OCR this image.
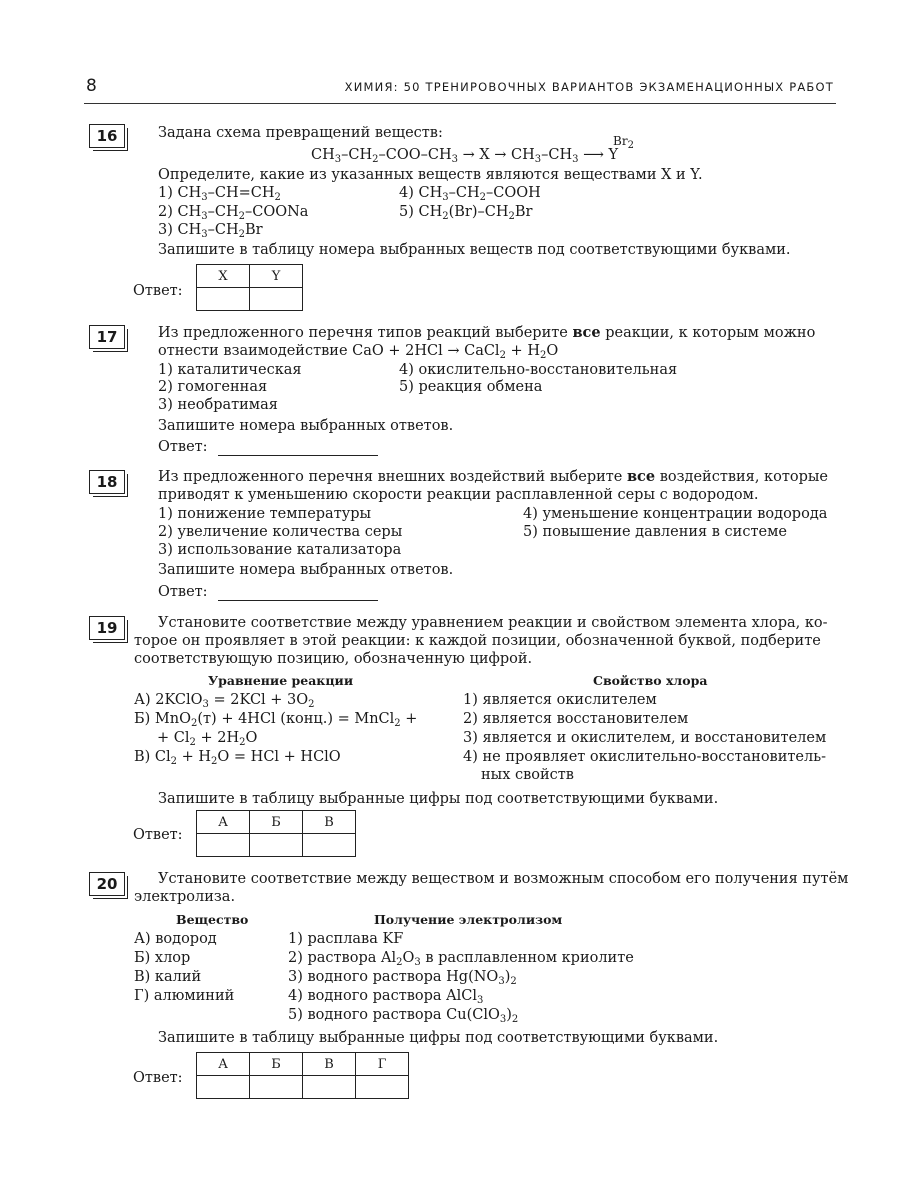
8	ХИМИЯ: 50 ТРЕНИРОВОЧНЫХ ВАРИАНТОВ ЭКЗАМЕНАЦИОННЫХ РАБОТ
16	Задана схема превращений веществ:	$Br_2$
$CH_3-CH_2-COO-CH_3 \to X \to CH_3-CH_3$ ⟶ Y
Определите, какие из указанных веществ являются веществами X и Y.
1) $CH_3-CH=CH_2$
2) $CH_3-CH_2$–COONa
3) $CH_3-CH_2Br$
4) $CH_3-CH_2$–COOH
5) $CH_2(Br)-CH_2Br$
Запишите в таблицу номера выбранных веществ под соответствующими буквами.
Ответ:
X	Y

17	Из предложенного перечня типов реакций выберите все реакции, к которым можно
отнести взаимодействие CaO + 2HCl → CaCl$_2$ + $H_2O$
1) каталитическая
2) гомогенная
3) необратимая
4) окислительно-восстановительная
5) реакция обмена
Запишите номера выбранных ответов.
Ответ:
18	Из предложенного перечня внешних воздействий выберите все воздействия, которые
приводят к уменьшению скорости реакции расплавленной серы с водородом.
1) понижение температуры
2) увеличение количества серы
3) использование катализатора
4) уменьшение концентрации водорода
5) повышение давления в системе
Запишите номера выбранных ответов.
Ответ:
19	Установите соответствие между уравнением реакции и свойством элемента хлора, ко-
торое он проявляет в этой реакции: к каждой позиции, обозначенной буквой, подберите
соответствующую позицию, обозначенную цифрой.
Уравнение реакции	Свойство хлора
А) 2KClO$_3$ = $2KCl + 3O_2$
Б) MnO$_2$(т) + 4HCl (конц.) = MnCl$_2$ +
+ $Cl_2 + 2H_2O$
В) $Cl_2 + H_2O$ = HCl + HClO
1) является окислителем
2) является восстановителем
3) является и окислителем, и восстановителем
4) не проявляет окислительно-восстановитель-
ных свойств
Запишите в таблицу выбранные цифры под соответствующими буквами.
Ответ:
А	Б	В

20	Установите соответствие между веществом и возможным способом его получения путём
электролиза.
Вещество	Получение электролизом
А) водород
Б) хлор
В) калий
Г) алюминий
1) расплава KF
2) раствора $Al_2O_3$ в расплавленном криолите
3) водного раствора $Hg(NO_3)_2$
4) водного раствора AlCl$_3$
5) водного раствора $Cu(ClO_3)_2$
Запишите в таблицу выбранные цифры под соответствующими буквами.
Ответ:
А	Б	В	Г
